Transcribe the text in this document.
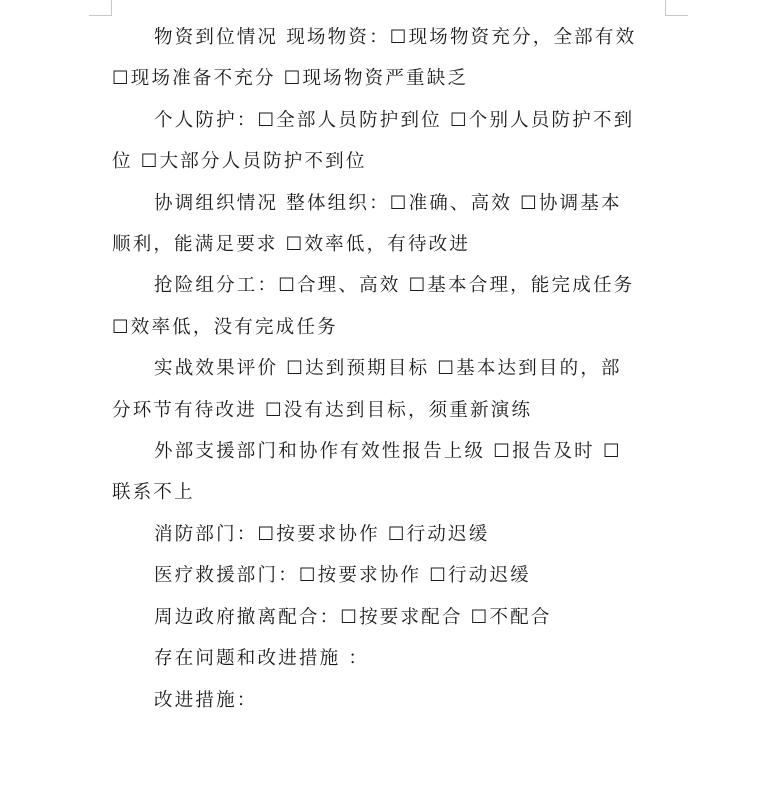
物资到位情况 现场物资：☐现场物资充分，全部有效
☐现场准备不充分 ☐现场物资严重缺乏

个人防护：☐全部人员防护到位 ☐个别人员防护不到
位 ☐大部分人员防护不到位

协调组织情况 整体组织：☐准确、高效 ☐协调基本
顺利，能满足要求 ☐效率低，有待改进

抢险组分工：☐合理、高效 ☐基本合理，能完成任务
☐效率低，没有完成任务

实战效果评价 ☐达到预期目标 ☐基本达到目的，部
分环节有待改进 ☐没有达到目标，须重新演练

外部支援部门和协作有效性报告上级 ☐报告及时 ☐
联系不上

消防部门：☐按要求协作 ☐行动迟缓

医疗救援部门：☐按要求协作 ☐行动迟缓

周边政府撤离配合：☐按要求配合 ☐不配合

存在问题和改进措施 ：

改进措施：
